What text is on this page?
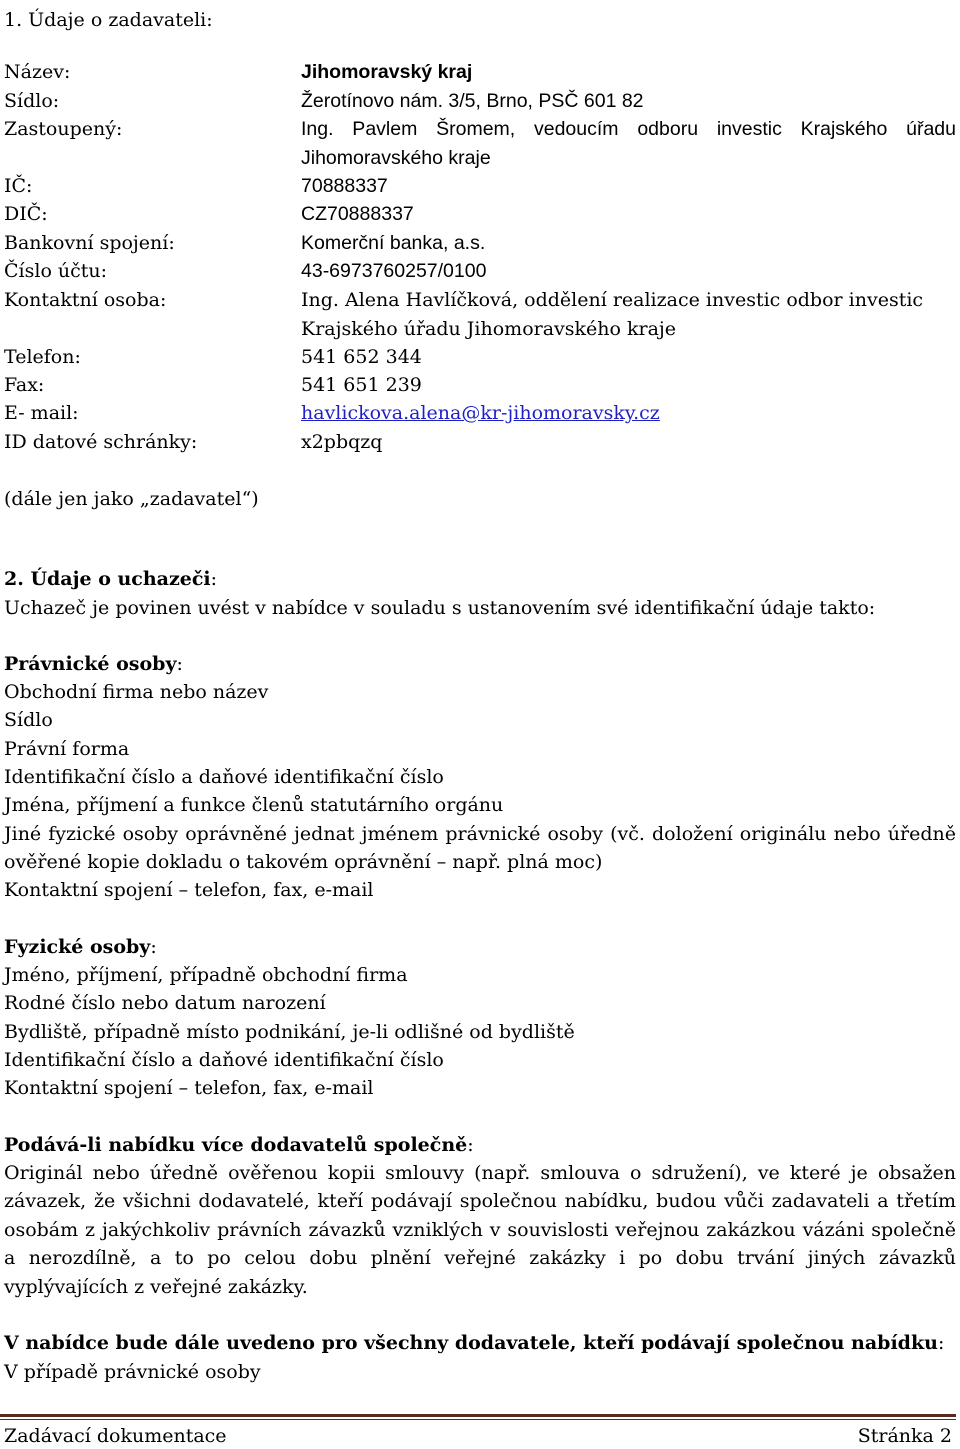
1. Údaje o zadavateli:
Název:	Jihomoravský kraj
Sídlo:	Žerotínovo nám. 3/5, Brno, PSČ 601 82
Zastoupený:	Ing. Pavlem Šromem, vedoucím odboru investic Krajského úřadu Jihomoravského kraje
IČ:	70888337
DIČ:	CZ70888337
Bankovní spojení:	Komerční banka, a.s.
Číslo účtu:	43-6973760257/0100
Kontaktní osoba:	Ing. Alena Havlíčková, oddělení realizace investic odbor investic Krajského úřadu Jihomoravského kraje
Telefon:	541 652 344
Fax:	541 651 239
E- mail:	havlickova.alena@kr-jihomoravsky.cz
ID datové schránky:	x2pbqzq
(dále jen jako „zadavatel“)
2. Údaje o uchazeči:
Uchazeč je povinen uvést v nabídce v souladu s ustanovením své identifikační údaje takto:
Právnické osoby:
Obchodní firma nebo název
Sídlo
Právní forma
Identifikační číslo a daňové identifikační číslo
Jména, příjmení a funkce členů statutárního orgánu
Jiné fyzické osoby oprávněné jednat jménem právnické osoby (vč. doložení originálu nebo úředně ověřené kopie dokladu o takovém oprávnění – např. plná moc)
Kontaktní spojení – telefon, fax, e-mail
Fyzické osoby:
Jméno, příjmení, případně obchodní firma
Rodné číslo nebo datum narození
Bydliště, případně místo podnikání, je-li odlišné od bydliště
Identifikační číslo a daňové identifikační číslo
Kontaktní spojení – telefon, fax, e-mail
Podává-li nabídku více dodavatelů společně:
Originál nebo úředně ověřenou kopii smlouvy (např. smlouva o sdružení), ve které je obsažen závazek, že všichni dodavatelé, kteří podávají společnou nabídku, budou vůči zadavateli a třetím osobám z jakýchkoliv právních závazků vzniklých v souvislosti veřejnou zakázkou vázáni společně a nerozdílně, a to po celou dobu plnění veřejné zakázky i po dobu trvání jiných závazků vyplývajících z veřejné zakázky.
V nabídce bude dále uvedeno pro všechny dodavatele, kteří podávají společnou nabídku:
V případě právnické osoby
Zadávací dokumentace	Stránka 2
